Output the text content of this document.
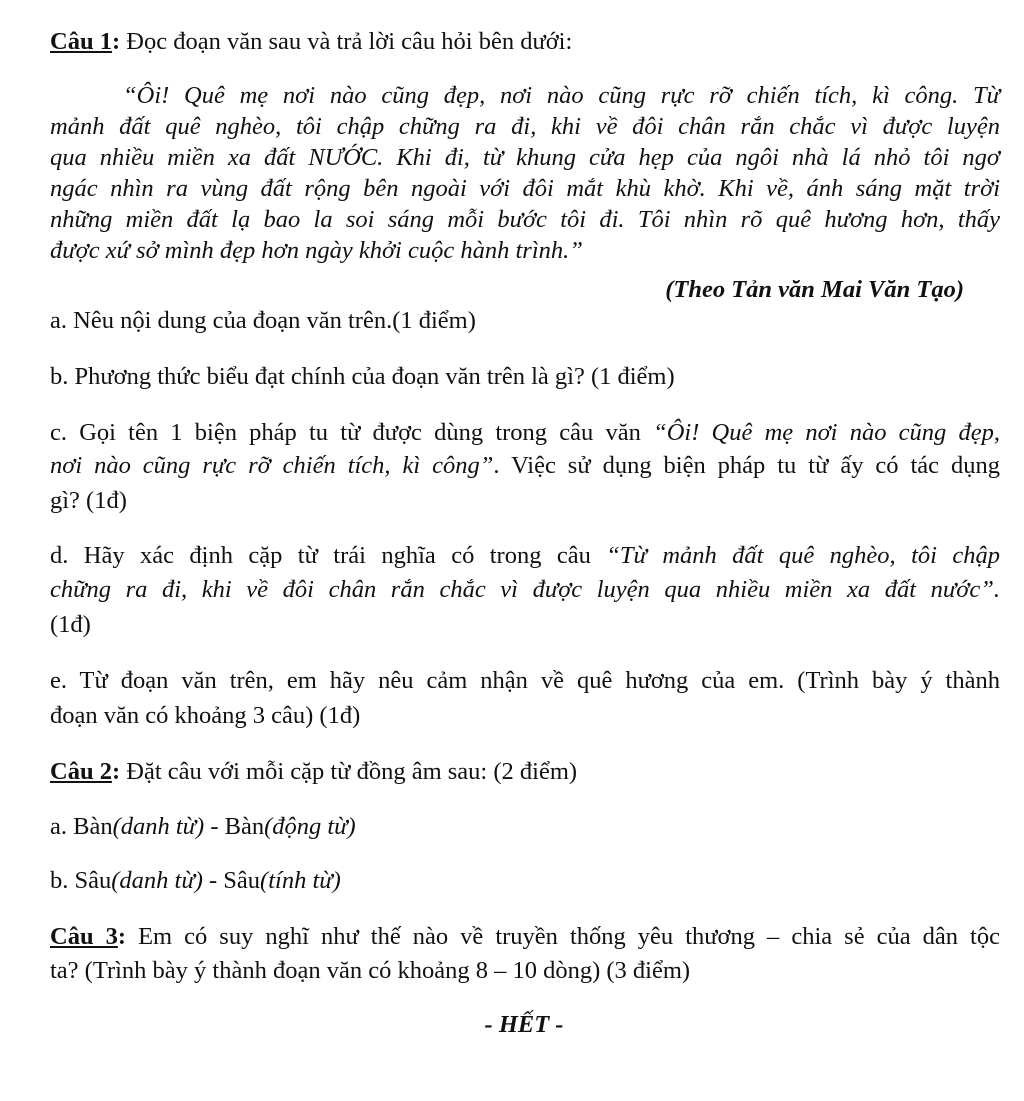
Câu 1: Đọc đoạn văn sau và trả lời câu hỏi bên dưới:
“Ôi! Quê mẹ nơi nào cũng đẹp, nơi nào cũng rực rỡ chiến tích, kì công. Từ
mảnh đất quê nghèo, tôi chập chững ra đi, khi về đôi chân rắn chắc vì được luyện
qua nhiều miền xa đất NƯỚC. Khi đi, từ khung cửa hẹp của ngôi nhà lá nhỏ tôi ngơ
ngác nhìn ra vùng đất rộng bên ngoài với đôi mắt khù khờ. Khi về, ánh sáng mặt trời
những miền đất lạ bao la soi sáng mỗi bước tôi đi. Tôi nhìn rõ quê hương hơn, thấy
được xứ sở mình đẹp hơn ngày khởi cuộc hành trình.”
(Theo Tản văn Mai Văn Tạo)
a. Nêu nội dung của đoạn văn trên.(1 điểm)
b. Phương thức biểu đạt chính của đoạn văn trên là gì? (1 điểm)
c. Gọi tên 1 biện pháp tu từ được dùng trong câu văn “Ôi! Quê mẹ nơi nào cũng đẹp,
nơi nào cũng rực rỡ chiến tích, kì công”. Việc sử dụng biện pháp tu từ ấy có tác dụng
gì? (1đ)
d. Hãy xác định cặp từ trái nghĩa có trong câu “Từ mảnh đất quê nghèo, tôi chập
chững ra đi, khi về đôi chân rắn chắc vì được luyện qua nhiều miền xa đất nước”.
(1đ)
e. Từ đoạn văn trên, em hãy nêu cảm nhận về quê hương của em. (Trình bày ý thành
đoạn văn có khoảng 3 câu) (1đ)
Câu 2: Đặt câu với mỗi cặp từ đồng âm sau: (2 điểm)
a. Bàn(danh từ) - Bàn(động từ)
b. Sâu(danh từ) - Sâu(tính từ)
Câu 3: Em có suy nghĩ như thế nào về truyền thống yêu thương – chia sẻ của dân tộc
ta? (Trình bày ý thành đoạn văn có khoảng 8 – 10 dòng) (3 điểm)
- HẾT -
